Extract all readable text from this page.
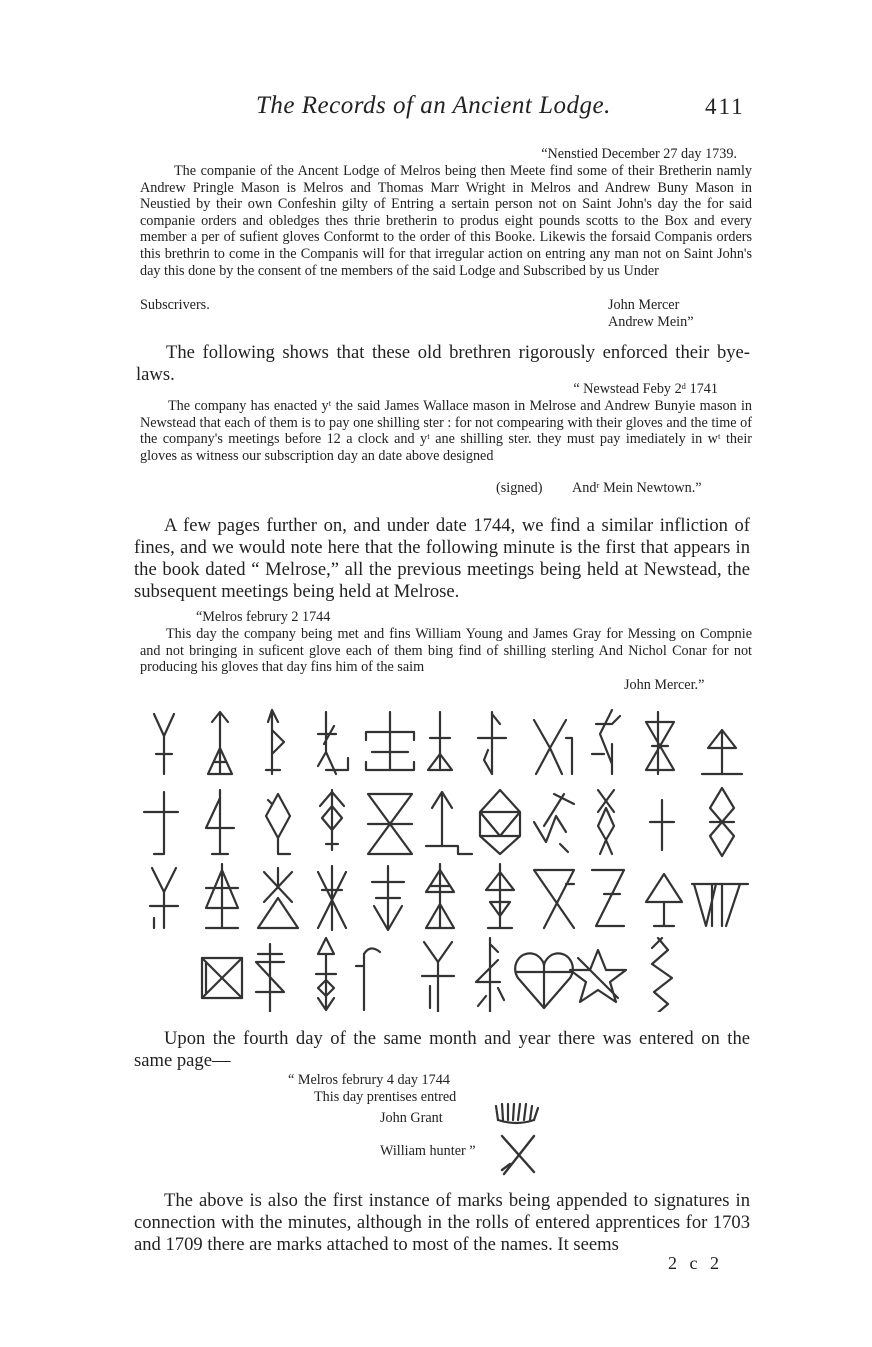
The Records of an Ancient Lodge.	411
“Nenstied December 27 day 1739.

The companie of the Ancent Lodge of Melros being then Meete find some of their Bretherin namly Andrew Pringle Mason is Melros and Thomas Marr Wright in Melros and Andrew Buny Mason in Neustied by their own Confeshin gilty of Entring a sertain person not on Saint John's day the for said companie orders and obledges thes thrie bretherin to produs eight pounds scotts to the Box and every member a per of sufient gloves Conformt to the order of this Booke. Likewis the forsaid Companis orders this brethrin to come in the Companis will for that irregular action on entring any man not on Saint John's day this done by the consent of tne members of the said Lodge and Subscribed by us Under

Subscrivers.	John Mercer
Andrew Mein”

The following shows that these old brethren rigorously enforced their bye-laws.

“ Newstead Feby 2ᵈ 1741

The company has enacted yᵗ the said James Wallace mason in Melrose and Andrew Bunyie mason in Newstead that each of them is to pay one shilling ster : for not compearing with their gloves and the time of the company's meetings before 12 a clock and yᵗ ane shilling ster. they must pay imediately in wᵗ their gloves as witness our subscription day an date above designed

(signed) Andʳ Mein Newtown.”

A few pages further on, and under date 1744, we find a similar infliction of fines, and we would note here that the following minute is the first that appears in the book dated “ Melrose,” all the previous meetings being held at Newstead, the subsequent meetings being held at Melrose.

“Melros februry 2 1744

This day the company being met and fins William Young and James Gray for Messing on Compnie and not bringing in suficent glove each of them bing find of shilling sterling And Nichol Conar for not producing his gloves that day fins him of the saim

John Mercer.”

Upon the fourth day of the same month and year there was entered on the same page—

“ Melros februry 4 day 1744
This day prentises entred
John Grant
William hunter ”

The above is also the first instance of marks being appended to signatures in connection with the minutes, although in the rolls of entered apprentices for 1703 and 1709 there are marks attached to most of the names. It seems

2 c 2
